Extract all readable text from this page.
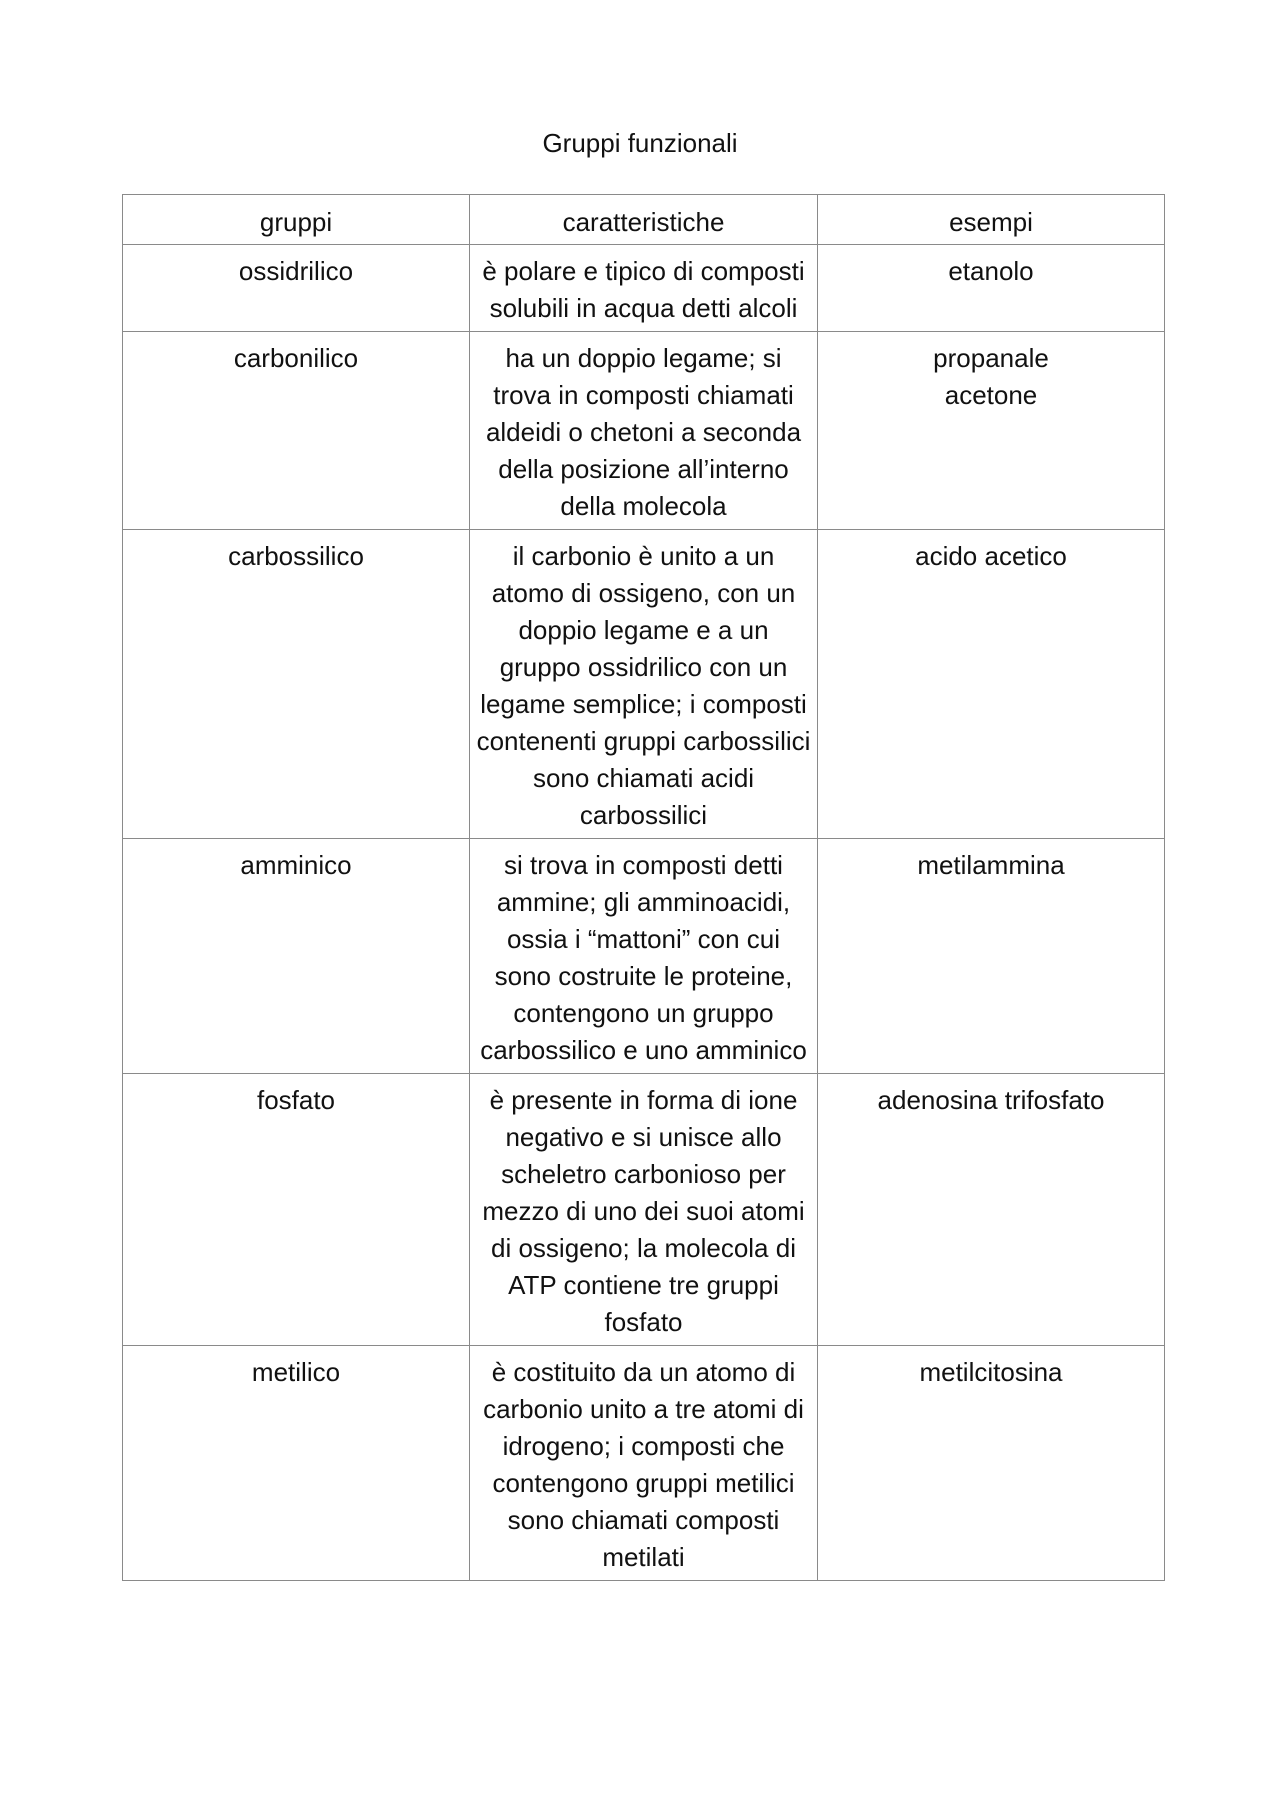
Gruppi funzionali
gruppi	caratteristiche	esempi
ossidrilico	è polare e tipico di composti solubili in acqua detti alcoli	etanolo

carbonilico	ha un doppio legame; si trova in composti chiamati aldeidi o chetoni a seconda della posizione all’interno della molecola	propanale
acetone

carbossilico	il carbonio è unito a un atomo di ossigeno, con un doppio legame e a un gruppo ossidrilico con un legame semplice; i composti contenenti gruppi carbossilici sono chiamati acidi carbossilici	acido acetico

amminico	si trova in composti detti ammine; gli amminoacidi, ossia i “mattoni” con cui sono costruite le proteine, contengono un gruppo carbossilico e uno amminico	metilammina

fosfato	è presente in forma di ione negativo e si unisce allo scheletro carbonioso per mezzo di uno dei suoi atomi di ossigeno; la molecola di ATP contiene tre gruppi fosfato	adenosina trifosfato

metilico	è costituito da un atomo di carbonio unito a tre atomi di idrogeno; i composti che contengono gruppi metilici sono chiamati composti metilati	metilcitosina
